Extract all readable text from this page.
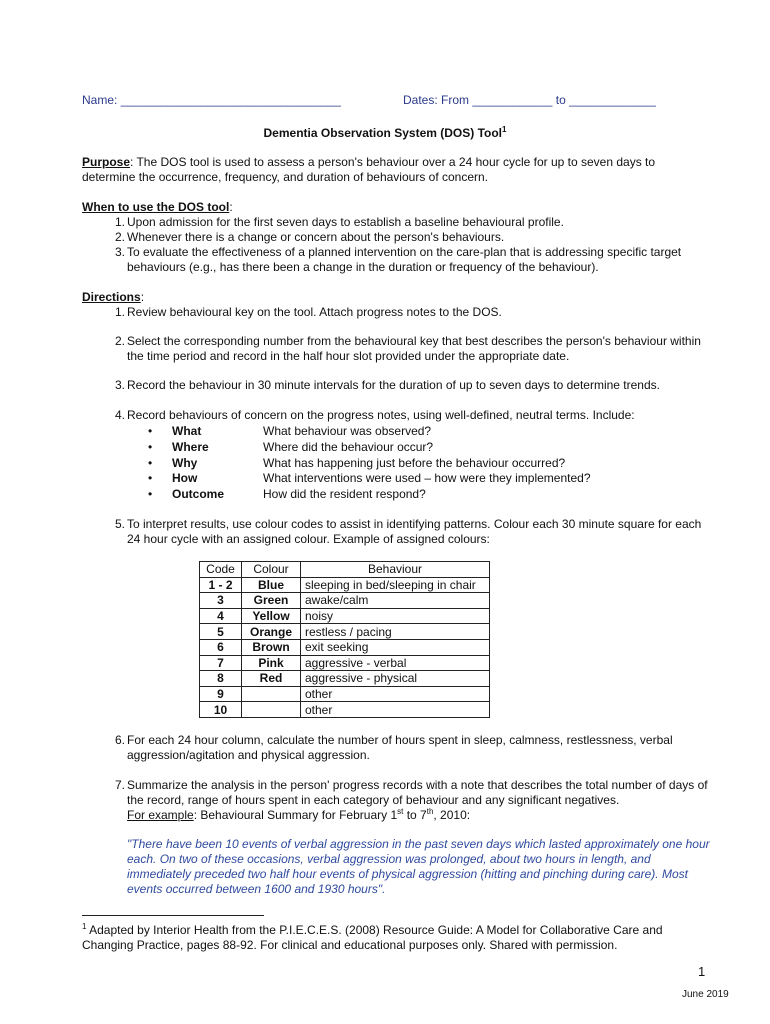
Name: _________________________________	Dates: From ____________ to _____________
Dementia Observation System (DOS) Tool$^1$
Purpose: The DOS tool is used to assess a person's behaviour over a 24 hour cycle for up to seven days to determine the occurrence, frequency, and duration of behaviours of concern.
When to use the DOS tool:
1. Upon admission for the first seven days to establish a baseline behavioural profile.
2. Whenever there is a change or concern about the person's behaviours.
3. To evaluate the effectiveness of a planned intervention on the care-plan that is addressing specific target behaviours (e.g., has there been a change in the duration or frequency of the behaviour).
Directions:
1. Review behavioural key on the tool. Attach progress notes to the DOS.
2. Select the corresponding number from the behavioural key that best describes the person's behaviour within the time period and record in the half hour slot provided under the appropriate date.
3. Record the behaviour in 30 minute intervals for the duration of up to seven days to determine trends.
4. Record behaviours of concern on the progress notes, using well-defined, neutral terms. Include:
• What	What behaviour was observed?
• Where	Where did the behaviour occur?
• Why	What has happening just before the behaviour occurred?
• How	What interventions were used – how were they implemented?
• Outcome	How did the resident respond?
5. To interpret results, use colour codes to assist in identifying patterns. Colour each 30 minute square for each 24 hour cycle with an assigned colour. Example of assigned colours:
Code	Colour	Behaviour
1 - 2	Blue	sleeping in bed/sleeping in chair
3	Green	awake/calm
4	Yellow	noisy
5	Orange	restless / pacing
6	Brown	exit seeking
7	Pink	aggressive - verbal
8	Red	aggressive - physical
9		other
10		other
6. For each 24 hour column, calculate the number of hours spent in sleep, calmness, restlessness, verbal aggression/agitation and physical aggression.
7. Summarize the analysis in the person' progress records with a note that describes the total number of days of the record, range of hours spent in each category of behaviour and any significant negatives.
For example: Behavioural Summary for February 1st to 7th, 2010:
"There have been 10 events of verbal aggression in the past seven days which lasted approximately one hour each. On two of these occasions, verbal aggression was prolonged, about two hours in length, and immediately preceded two half hour events of physical aggression (hitting and pinching during care). Most events occurred between 1600 and 1930 hours".
$^1$ Adapted by Interior Health from the P.I.E.C.E.S. (2008) Resource Guide: A Model for Collaborative Care and Changing Practice, pages 88-92. For clinical and educational purposes only. Shared with permission.
1
June 2019
